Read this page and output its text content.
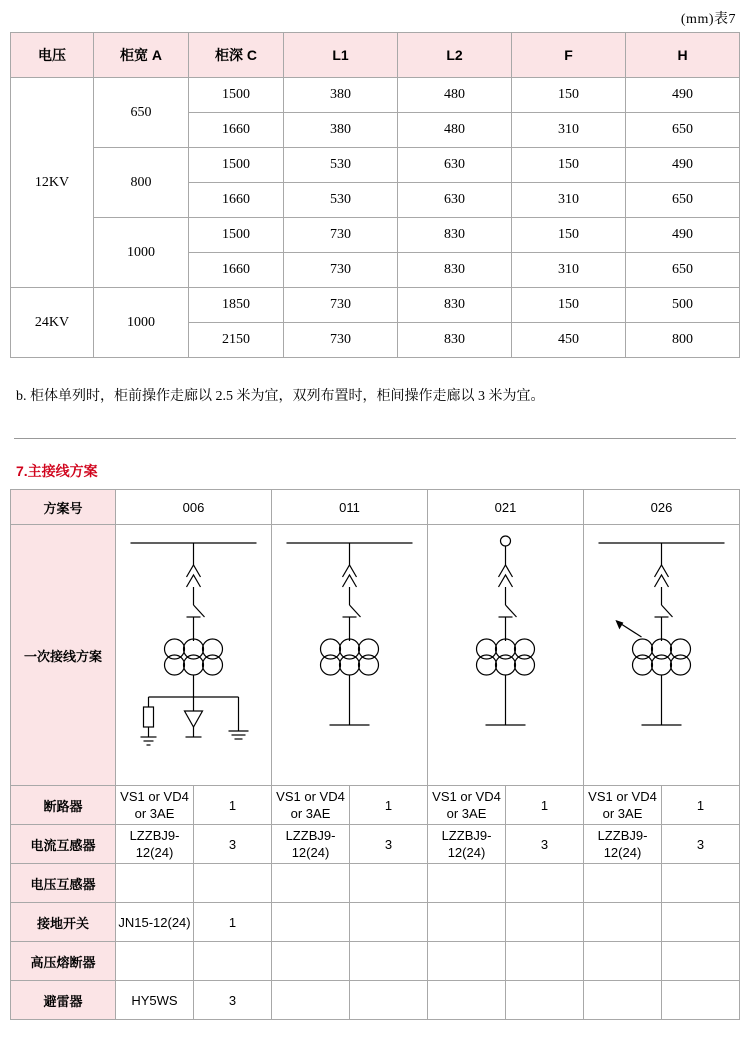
(mm)表7
电压	柜宽 A	柜深 C	L1	L2	F	H
12KV	650	1500	380	480	150	490
		1660	380	480	310	650
	800	1500	530	630	150	490
		1660	530	630	310	650
	1000	1500	730	830	150	490
		1660	730	830	310	650
24KV	1000	1850	730	830	150	500
		2150	730	830	450	800
b. 柜体单列时，柜前操作走廊以 2.5 米为宜，双列布置时，柜间操作走廊以 3 米为宜。
7.主接线方案
方案号	006		011		021		026	
一次接线方案	

断路器	VS1 or VD4 or 3AE	1	VS1 or VD4 or 3AE	1	VS1 or VD4 or 3AE	1	VS1 or VD4 or 3AE	1
电流互感器	LZZBJ9-12(24)	3	LZZBJ9-12(24)	3	LZZBJ9-12(24)	3	LZZBJ9-12(24)	3
电压互感器								
接地开关	JN15-12(24)	1						
高压熔断器								
避雷器	HY5WS	3						
